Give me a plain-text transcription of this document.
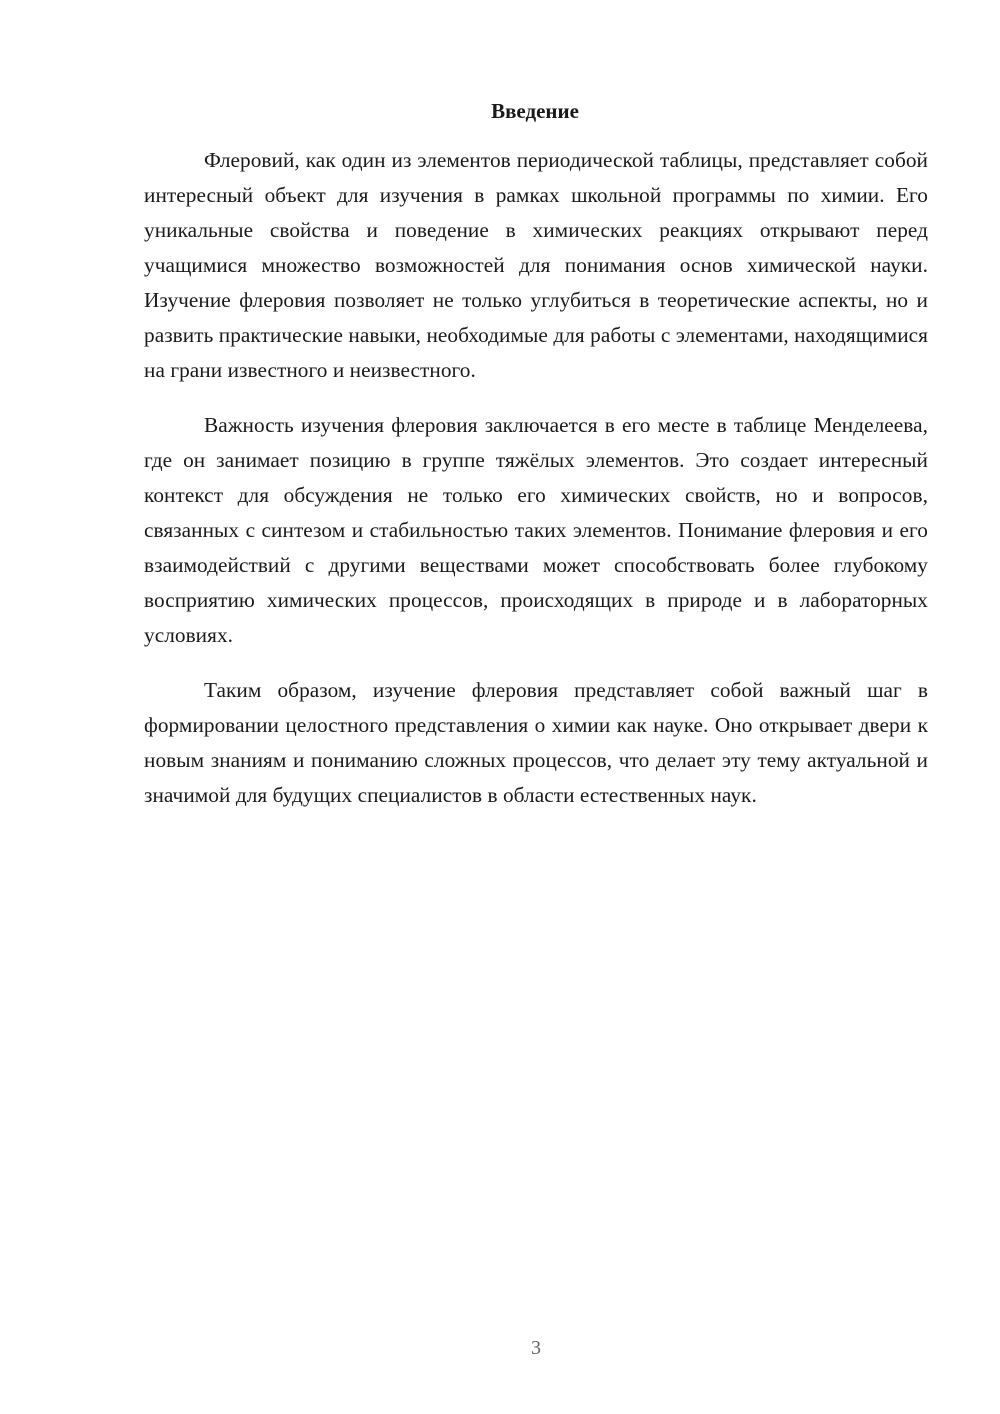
Введение

Флеровий, как один из элементов периодической таблицы, представляет собой интересный объект для изучения в рамках школьной программы по химии. Его уникальные свойства и поведение в химических реакциях открывают перед учащимися множество возможностей для понимания основ химической науки. Изучение флеровия позволяет не только углубиться в теоретические аспекты, но и развить практические навыки, необходимые для работы с элементами, находящимися на грани известного и неизвестного.

Важность изучения флеровия заключается в его месте в таблице Менделеева, где он занимает позицию в группе тяжёлых элементов. Это создает интересный контекст для обсуждения не только его химических свойств, но и вопросов, связанных с синтезом и стабильностью таких элементов. Понимание флеровия и его взаимодействий с другими веществами может способствовать более глубокому восприятию химических процессов, происходящих в природе и в лабораторных условиях.

Таким образом, изучение флеровия представляет собой важный шаг в формировании целостного представления о химии как науке. Оно открывает двери к новым знаниям и пониманию сложных процессов, что делает эту тему актуальной и значимой для будущих специалистов в области естественных наук.

3
